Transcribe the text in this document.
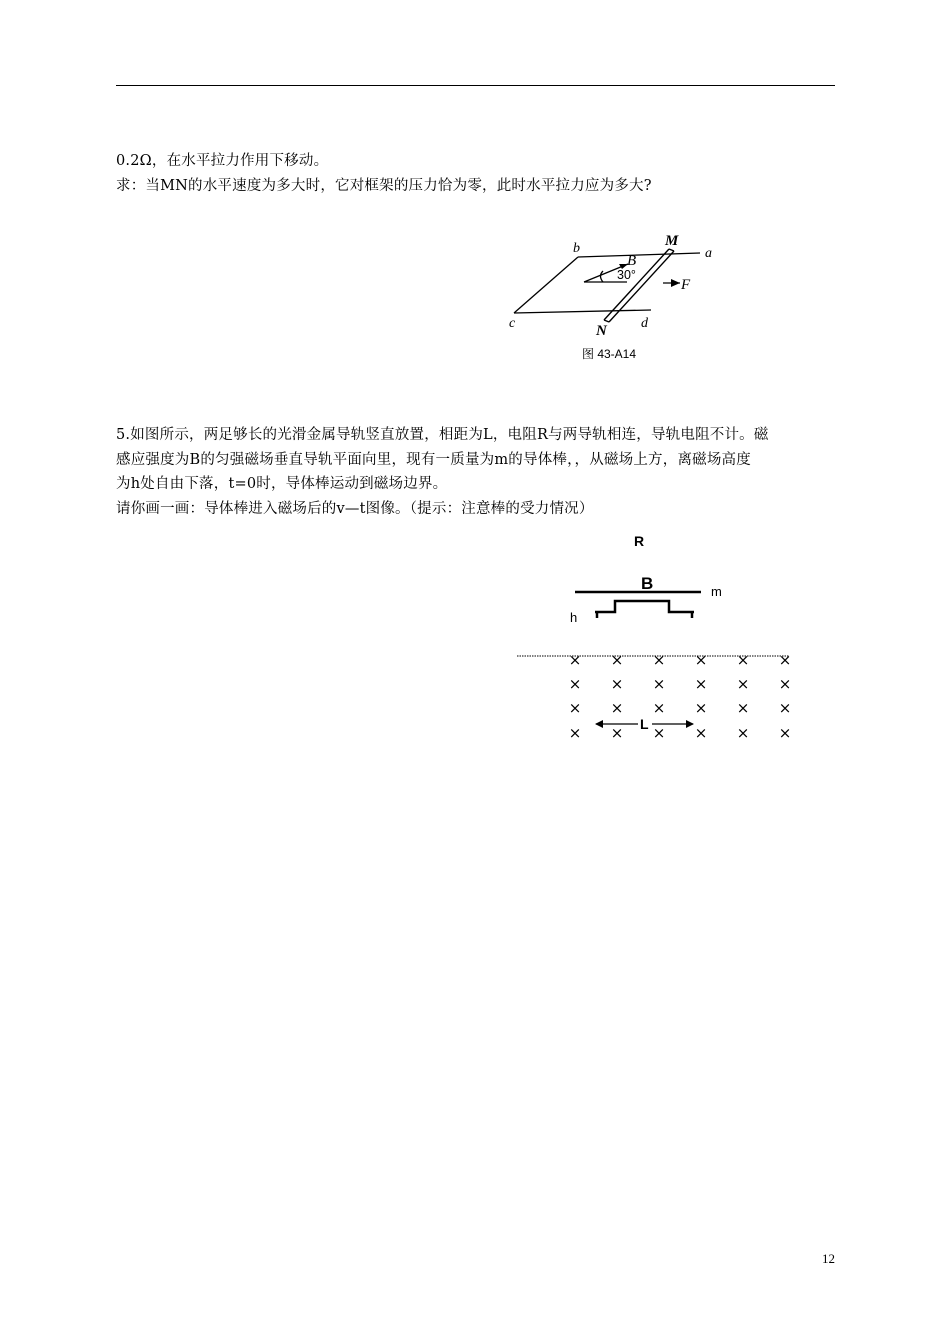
0.2Ω，在水平拉力作用下移动。
求：当MN的水平速度为多大时，它对框架的压力恰为零，此时水平拉力应为多大?
b	a
M
B
30°
F
c	N d
图 43-A14
5.如图所示，两足够长的光滑金属导轨竖直放置，相距为L，电阻R与两导轨相连，导轨电阻不计。磁
感应强度为B的匀强磁场垂直导轨平面向里，现有一质量为m的导体棒，，从磁场上方，离磁场高度
为h处自由下落，t=0时，导体棒运动到磁场边界。
请你画一画：导体棒进入磁场后的v—t图像。（提示：注意棒的受力情况）
R
B	m
h
× × × × × ×
× × × × × ×
× × × × × ×
× × × × × ×
L
12
